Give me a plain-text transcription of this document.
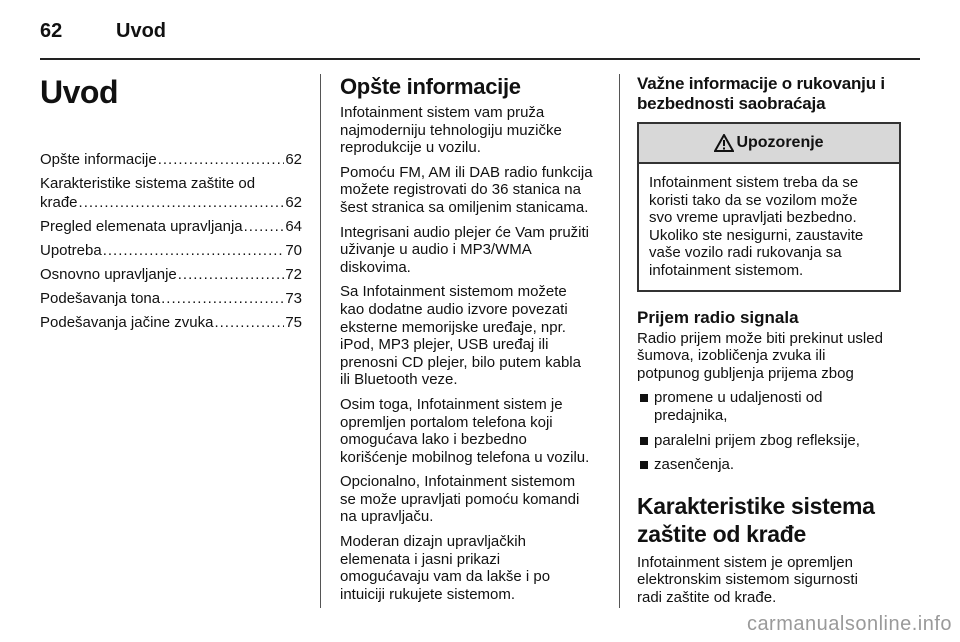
62	Uvod
Uvod
Opšte informacije .....	62
Karakteristike sistema zaštite od
krađe .....	62
Pregled elemenata upravljanja .....	64
Upotreba .....	70
Osnovno upravljanje .....	72
Podešavanja tona .....	73
Podešavanja jačine zvuka .....	75
Opšte informacije

Infotainment sistem vam pruža
najmoderniju tehnologiju muzičke
reprodukcije u vozilu.

Pomoću FM, AM ili DAB radio funkcija
možete registrovati do 36 stanica na
šest stranica sa omiljenim stanicama.

Integrisani audio plejer će Vam pružiti
uživanje u audio i MP3/WMA
diskovima.

Sa Infotainment sistemom možete
kao dodatne audio izvore povezati
eksterne memorijske uređaje, npr.
iPod, MP3 plejer, USB uređaj ili
prenosni CD plejer, bilo putem kabla
ili Bluetooth veze.

Osim toga, Infotainment sistem je
opremljen portalom telefona koji
omogućava lako i bezbedno
korišćenje mobilnog telefona u vozilu.

Opcionalno, Infotainment sistemom
se može upravljati pomoću komandi
na upravljaču.

Moderan dizajn upravljačkih
elemenata i jasni prikazi
omogućavaju vam da lakše i po
intuiciji rukujete sistemom.

Važne informacije o rukovanju i
bezbednosti saobraćaja
Upozorenje
Infotainment sistem treba da se
koristi tako da se vozilom može
svo vreme upravljati bezbedno.
Ukoliko ste nesigurni, zaustavite
vaše vozilo radi rukovanja sa
infotainment sistemom.
Prijem radio signala

Radio prijem može biti prekinut usled
šumova, izobličenja zvuka ili
potpunog gubljenja prijema zbog

promene u udaljenosti od
predajnika,
paralelni prijem zbog refleksije,
zasenčenja.
Karakteristike sistema
zaštite od krađe

Infotainment sistem je opremljen
elektronskim sistemom sigurnosti
radi zaštite od krađe.

carmanualsonline.info
